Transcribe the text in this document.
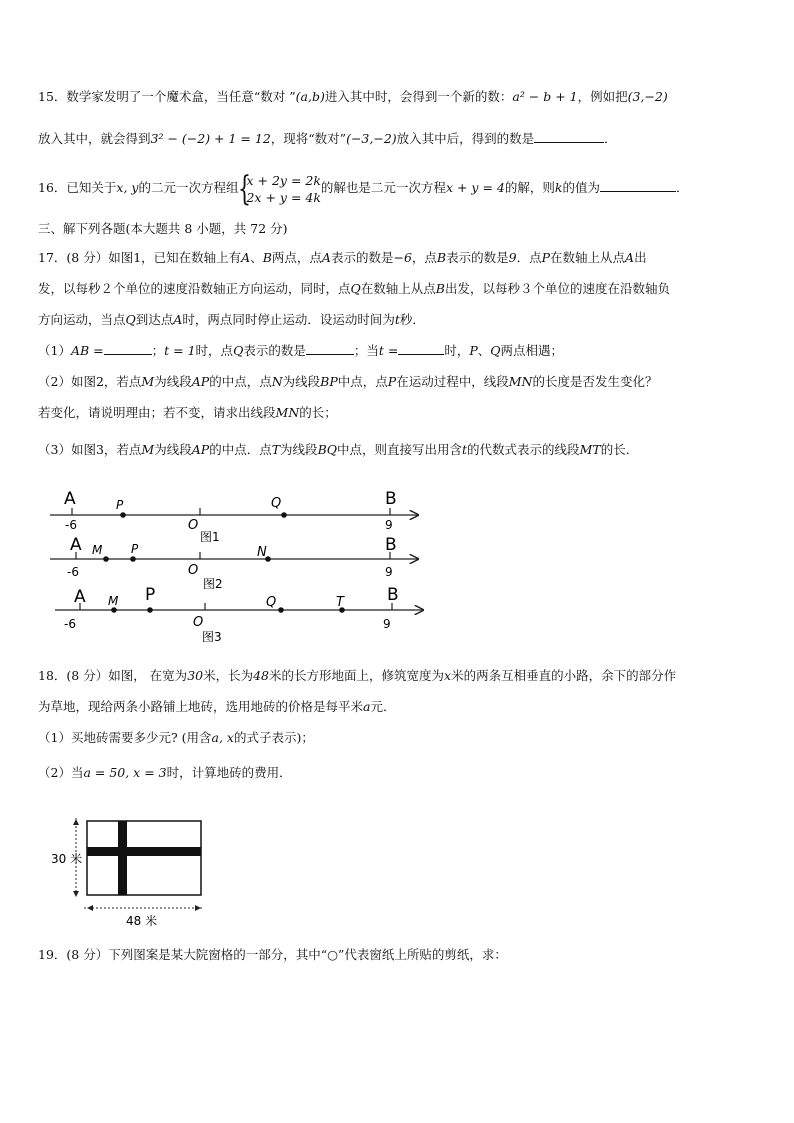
15．数学家发明了一个魔术盒，当任意“数对 ”(a,b)进入其中时，会得到一个新的数：a² − b + 1，例如把(3,−2)
放入其中，就会得到3² − (−2) + 1 = 12，现将“数对”(−3,−2)放入其中后，得到的数是	．
16．已知关于x, y的二元一次方程组 {
x + 2y = 2k
2x + y = 4k
的解也是二元一次方程x + y = 4的解，则k的值为	．
三、解下列各题(本大题共 8 小题，共 72 分)
17．(8 分）如图1，已知在数轴上有A、B两点，点A表示的数是−6，点B表示的数是9．点P在数轴上从点A出
发，以每秒２个单位的速度沿数轴正方向运动，同时，点Q在数轴上从点B出发，以每秒３个单位的速度在沿数轴负
方向运动，当点Q到达点A时，两点同时停止运动．设运动时间为t秒．
（1）AB =	；t = 1时，点Q表示的数是	；当t =	时，P、Q两点相遇；
（2）如图2，若点M为线段AP的中点，点N为线段BP中点，点P在运动过程中，线段MN的长度是否发生变化？
若变化，请说明理由；若不变，请求出线段MN的长；
（3）如图3，若点M为线段AP的中点．点T为线段BQ中点，则直接写出用含t的代数式表示的线段MT的长．
A	B
P	Q
-6	O	9
图1
A	B
M P	N
-6	O	9
图2
A	B
M P	Q	T
-6	O	9
图3
18．(8 分）如图， 在宽为30米，长为48米的长方形地面上，修筑宽度为x米的两条互相垂直的小路，余下的部分作
为草地，现给两条小路铺上地砖，选用地砖的价格是每平米a元．
（1）买地砖需要多少元? (用含a, x的式子表示)；
（2）当a = 50, x = 3时，计算地砖的费用．
30 米
48 米
19．(8 分）下列图案是某大院窗格的一部分，其中“○”代表窗纸上所贴的剪纸，求：
